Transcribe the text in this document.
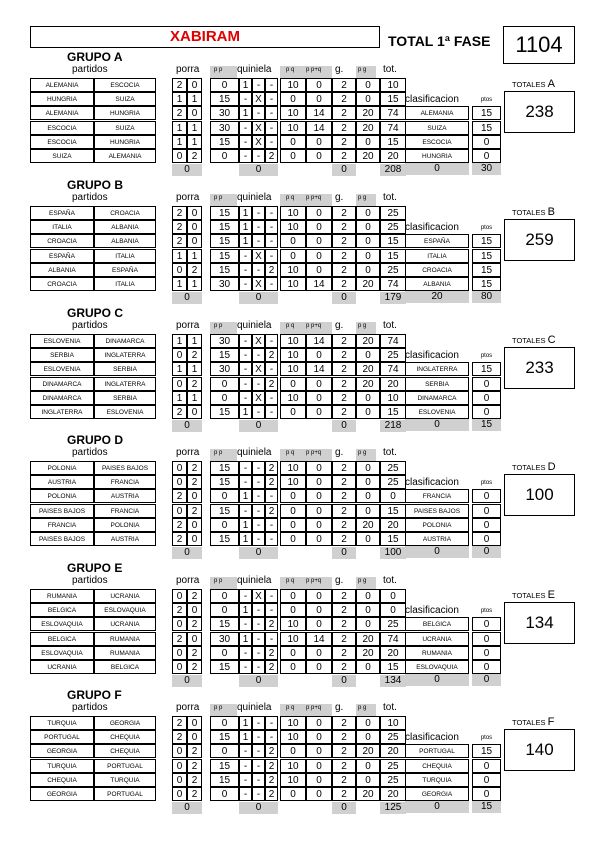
XABIRAM	TOTAL 1ª FASE	1104
GRUPO A
partidos	porra p p quiniela p q p p+q g. p g tot.
ALEMANIA	ESCOCIA	2 0	0	1 - -	10	0	2	0	10
HUNGRIA	SUIZA	1 1	15	- X -	0	0	2	0	15
ALEMANIA	HUNGRIA	2 0	30	1 - -	10	14	2	20	74
ESCOCIA	SUIZA	1 1	30	- X -	10	14	2	20	74
ESCOCIA	HUNGRIA	1 1	15	- X -	0	0	2	0	15
SUIZA	ALEMANIA	0 2	0	- - 2	0	0	2	20	20
0	0	0	208
clasificacion	ptos
ALEMANIA	15
SUIZA	15
ESCOCIA	0
HUNGRIA	0
0	30
TOTALES A
238
GRUPO B
partidos	porra p p quiniela p q p p+q g. p g tot.
ESPAÑA	CROACIA	2 0	15	1 - -	10	0	2	0	25
ITALIA	ALBANIA	2 0	15	1 - -	10	0	2	0	25
CROACIA	ALBANIA	2 0	15	1 - -	0	0	2	0	15
ESPAÑA	ITALIA	1 1	15	- X -	0	0	2	0	15
ALBANIA	ESPAÑA	0 2	15	- - 2	10	0	2	0	25
CROACIA	ITALIA	1 1	30	- X -	10	14	2	20	74
0	0	0	179
clasificacion	ptos
ESPAÑA	15
ITALIA	15
CROACIA	15
ALBANIA	15
20	80
TOTALES B
259
GRUPO C
partidos	porra p p quiniela p q p p+q g. p g tot.
ESLOVENIA	DINAMARCA	1 1	30	- X -	10	14	2	20	74
SERBIA	INGLATERRA	0 2	15	- - 2	10	0	2	0	25
ESLOVENIA	SERBIA	1 1	30	- X -	10	14	2	20	74
DINAMARCA	INGLATERRA	0 2	0	- - 2	0	0	2	20	20
DINAMARCA	SERBIA	1 1	0	- X -	10	0	2	0	10
INGLATERRA	ESLOVENIA	2 0	15	1 - -	0	0	2	0	15
0	0	0	218
clasificacion	ptos
INGLATERRA	15
SERBIA	0
DINAMARCA	0
ESLOVENIA	0
0	15
TOTALES C
233
GRUPO D
partidos	porra p p quiniela p q p p+q g. p g tot.
POLONIA	PAISES BAJOS	0 2	15	- - 2	10	0	2	0	25
AUSTRIA	FRANCIA	0 2	15	- - 2	10	0	2	0	25
POLONIA	AUSTRIA	2 0	0	1 - -	0	0	2	0	0
PAISES BAJOS	FRANCIA	0 2	15	- - 2	0	0	2	0	15
FRANCIA	POLONIA	2 0	0	1 - -	0	0	2	20	20
PAISES BAJOS	AUSTRIA	2 0	15	1 - -	0	0	2	0	15
0	0	0	100
clasificacion	ptos
FRANCIA	0
PAISES BAJOS	0
POLONIA	0
AUSTRIA	0
0	0
TOTALES D
100
GRUPO E
partidos	porra p p quiniela p q p p+q g. p g tot.
RUMANIA	UCRANIA	0 2	0	- X -	0	0	2	0	0
BELGICA	ESLOVAQUIA	2 0	0	1 - -	0	0	2	0	0
ESLOVAQUIA	UCRANIA	0 2	15	- - 2	10	0	2	0	25
BELGICA	RUMANIA	2 0	30	1 - -	10	14	2	20	74
ESLOVAQUIA	RUMANIA	0 2	0	- - 2	0	0	2	20	20
UCRANIA	BELGICA	0 2	15	- - 2	0	0	2	0	15
0	0	0	134
clasificacion	ptos
BELGICA	0
UCRANIA	0
RUMANIA	0
ESLOVAQUIA	0
0	0
TOTALES E
134
GRUPO F
partidos	porra p p quiniela p q p p+q g. p g tot.
TURQUIA	GEORGIA	2 0	0	1 - -	10	0	2	0	10
PORTUGAL	CHEQUIA	2 0	15	1 - -	10	0	2	0	25
GEORGIA	CHEQUIA	0 2	0	- - 2	0	0	2	20	20
TURQUIA	PORTUGAL	0 2	15	- - 2	10	0	2	0	25
CHEQUIA	TURQUIA	0 2	15	- - 2	10	0	2	0	25
GEORGIA	PORTUGAL	0 2	0	- - 2	0	0	2	20	20
0	0	0	125
clasificacion	ptos
PORTUGAL	15
CHEQUIA	0
TURQUIA	0
GEORGIA	0
0	15
TOTALES F
140
